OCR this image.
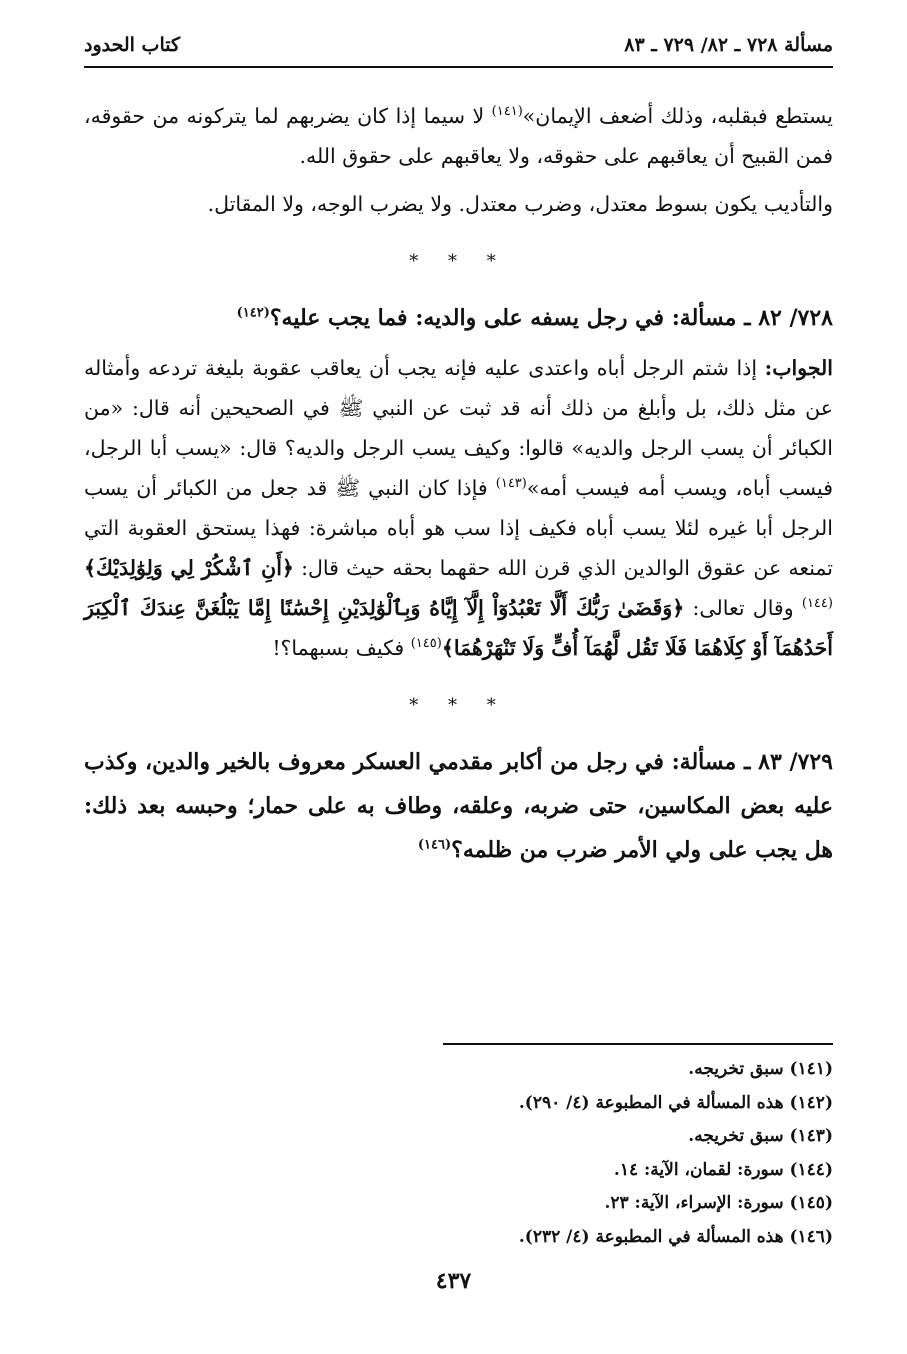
مسألة ٧٢٨ ـ ٨٢/ ٧٢٩ ـ ٨٣
كتاب الحدود

يستطع فبقلبه، وذلك أضعف الإيمان»$^{(١٤١)}$ لا سيما إذا كان يضربهم لما يتركونه من حقوقه، فمن القبيح أن يعاقبهم على حقوقه، ولا يعاقبهم على حقوق الله.

والتأديب يكون بسوط معتدل، وضرب معتدل. ولا يضرب الوجه، ولا المقاتل.

* * *

٧٢٨/ ٨٢ ـ مسألة: في رجل يسفه على والديه: فما يجب عليه؟$^{(١٤٢)}$

الجواب: إذا شتم الرجل أباه واعتدى عليه فإنه يجب أن يعاقب عقوبة بليغة تردعه وأمثاله عن مثل ذلك، بل وأبلغ من ذلك أنه قد ثبت عن النبي ﷺ في الصحيحين أنه قال: «من الكبائر أن يسب الرجل والديه» قالوا: وكيف يسب الرجل والديه؟ قال: «يسب أبا الرجل، فيسب أباه، ويسب أمه فيسب أمه»$^{(١٤٣)}$ فإذا كان النبي ﷺ قد جعل من الكبائر أن يسب الرجل أبا غيره لئلا يسب أباه فكيف إذا سب هو أباه مباشرة: فهذا يستحق العقوبة التي تمنعه عن عقوق الوالدين الذي قرن الله حقهما بحقه حيث قال: ﴿أَنِ ٱشْكُرْ لِي وَلِوَٰلِدَيْكَ﴾$^{(١٤٤)}$ وقال تعالى: ﴿وَقَضَىٰ رَبُّكَ أَلَّا تَعْبُدُوٓاْ إِلَّآ إِيَّاهُ وَبِٱلْوَٰلِدَيْنِ إِحْسَٰنًا إِمَّا يَبْلُغَنَّ عِندَكَ ٱلْكِبَرَ أَحَدُهُمَآ أَوْ كِلَاهُمَا فَلَا تَقُل لَّهُمَآ أُفٍّ وَلَا تَنْهَرْهُمَا﴾$^{(١٤٥)}$ فكيف بسبهما؟!

* * *

٧٢٩/ ٨٣ ـ مسألة: في رجل من أكابر مقدمي العسكر معروف بالخير والدين، وكذب عليه بعض المكاسين، حتى ضربه، وعلقه، وطاف به على حمار؛ وحبسه بعد ذلك: هل يجب على ولي الأمر ضرب من ظلمه؟$^{(١٤٦)}$

(١٤١) سبق تخريجه.
(١٤٢) هذه المسألة في المطبوعة (٤/ ٢٩٠).
(١٤٣) سبق تخريجه.
(١٤٤) سورة: لقمان، الآية: ١٤.
(١٤٥) سورة: الإسراء، الآية: ٢٣.
(١٤٦) هذه المسألة في المطبوعة (٤/ ٢٣٢).
٤٣٧
